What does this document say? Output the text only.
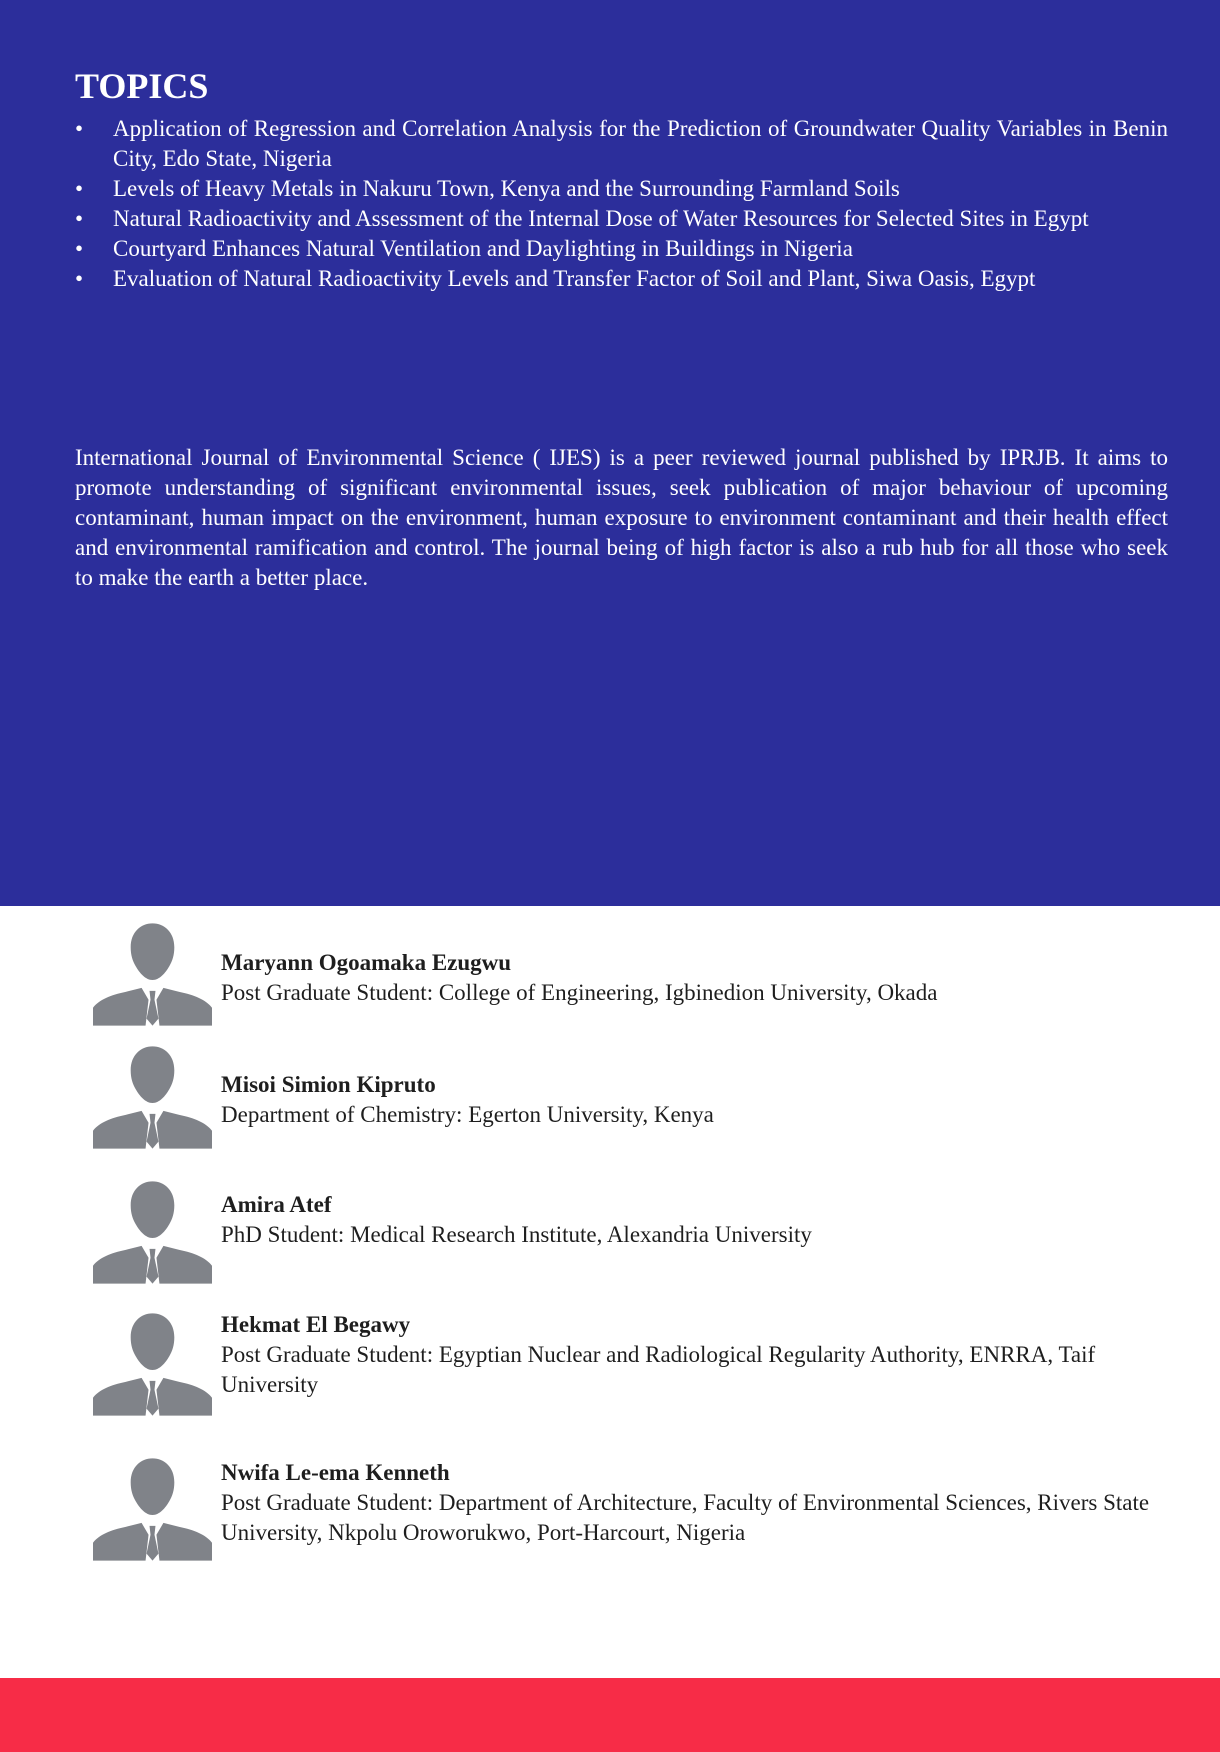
TOPICS
• Application of Regression and Correlation Analysis for the Prediction of Groundwater Quality Variables in Benin City, Edo State, Nigeria
• Levels of Heavy Metals in Nakuru Town, Kenya and the Surrounding Farmland Soils
• Natural Radioactivity and Assessment of the Internal Dose of Water Resources for Selected Sites in Egypt
• Courtyard Enhances Natural Ventilation and Daylighting in Buildings in Nigeria
• Evaluation of Natural Radioactivity Levels and Transfer Factor of Soil and Plant, Siwa Oasis, Egypt

International Journal of Environmental Science ( IJES) is a peer reviewed journal published by IPRJB. It aims to promote understanding of significant environmental issues, seek publication of major behaviour of upcoming contaminant, human impact on the environment, human exposure to environment contaminant and their health effect and environmental ramification and control. The journal being of high factor is also a rub hub for all those who seek to make the earth a better place.

Maryann Ogoamaka Ezugwu
Post Graduate Student: College of Engineering, Igbinedion University, Okada
Misoi Simion Kipruto
Department of Chemistry: Egerton University, Kenya
Amira Atef
PhD Student: Medical Research Institute, Alexandria University
Hekmat El Begawy
Post Graduate Student: Egyptian Nuclear and Radiological Regularity Authority, ENRRA, Taif University
Nwifa Le-ema Kenneth
Post Graduate Student: Department of Architecture, Faculty of Environmental Sciences, Rivers State University, Nkpolu Oroworukwo, Port-Harcourt, Nigeria
